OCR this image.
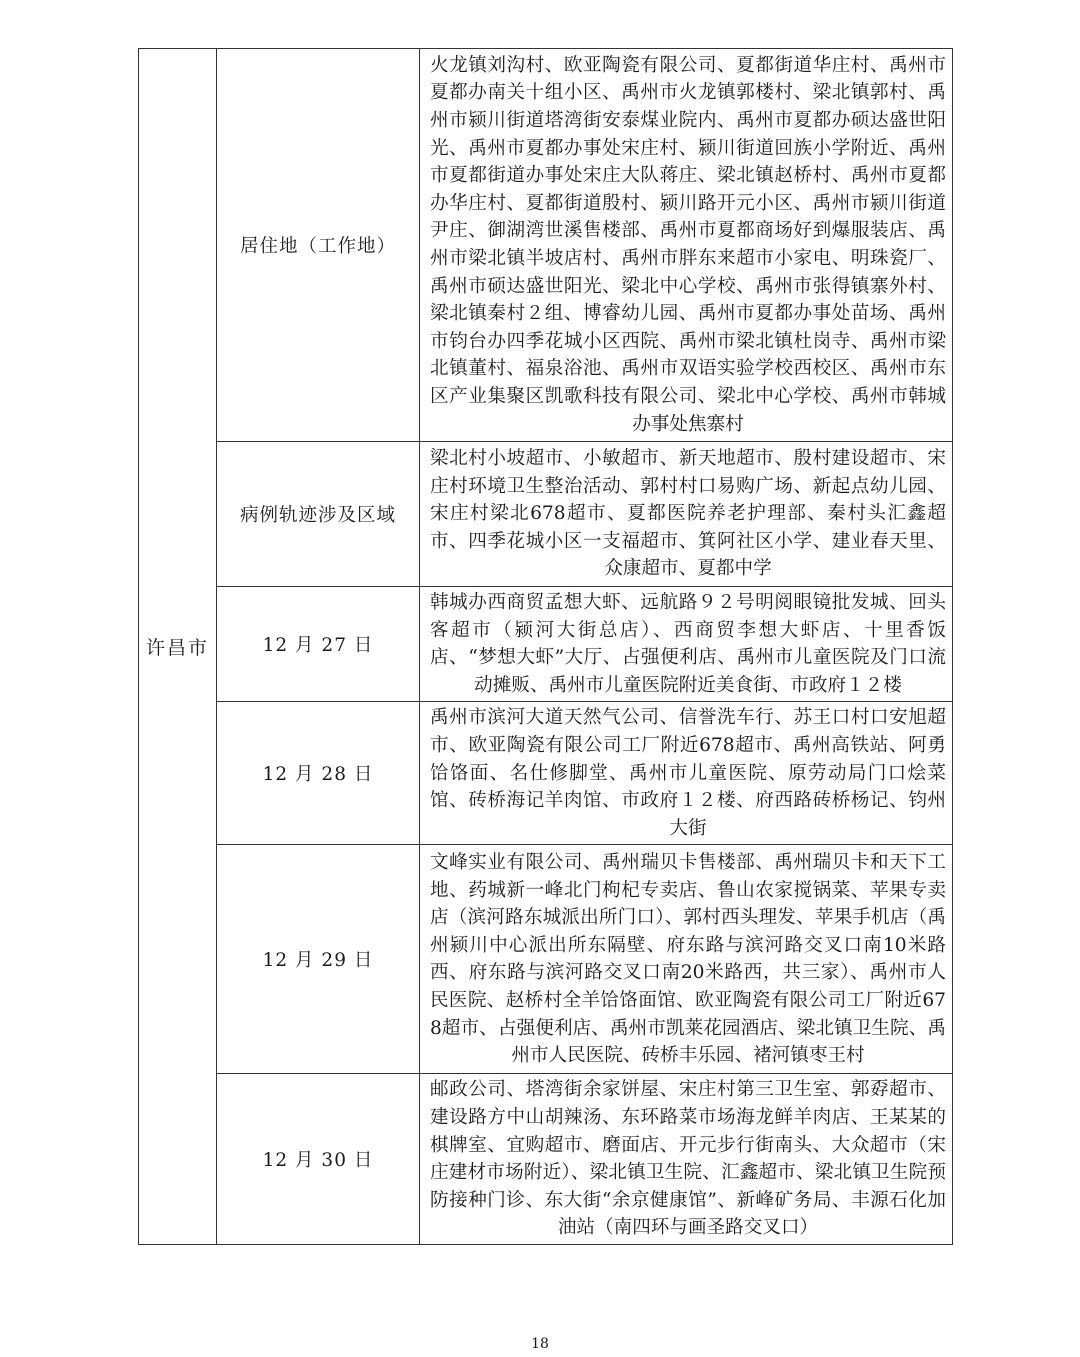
许昌市	居住地（工作地）	火龙镇刘沟村、欧亚陶瓷有限公司、夏都街道华庄村、禹州市夏都办南关十组小区、禹州市火龙镇郭楼村、梁北镇郭村、禹州市颍川街道塔湾街安泰煤业院内、禹州市夏都办硕达盛世阳光、禹州市夏都办事处宋庄村、颍川街道回族小学附近、禹州市夏都街道办事处宋庄大队蒋庄、梁北镇赵桥村、禹州市夏都办华庄村、夏都街道殷村、颍川路开元小区、禹州市颍川街道尹庄、御湖湾世溪售楼部、禹州市夏都商场好到爆服装店、禹州市梁北镇半坡店村、禹州市胖东来超市小家电、明珠瓷厂、禹州市硕达盛世阳光、梁北中心学校、禹州市张得镇寨外村、梁北镇秦村２组、博睿幼儿园、禹州市夏都办事处苗场、禹州市钧台办四季花城小区西院、禹州市梁北镇杜岗寺、禹州市梁北镇董村、福泉浴池、禹州市双语实验学校西校区、禹州市东区产业集聚区凯歌科技有限公司、梁北中心学校、禹州市韩城办事处焦寨村
	病例轨迹涉及区域	梁北村小坡超市、小敏超市、新天地超市、殷村建设超市、宋庄村环境卫生整治活动、郭村村口易购广场、新起点幼儿园、宋庄村梁北678超市、夏都医院养老护理部、秦村头汇鑫超市、四季花城小区一支福超市、箕阿社区小学、建业春天里、众康超市、夏都中学
	12 月 27 日	韩城办西商贸孟想大虾、远航路９２号明阅眼镜批发城、回头客超市（颍河大街总店）、西商贸李想大虾店、十里香饭店、“梦想大虾”大厅、占强便利店、禹州市儿童医院及门口流动摊贩、禹州市儿童医院附近美食街、市政府１２楼
	12 月 28 日	禹州市滨河大道天然气公司、信誉洗车行、苏王口村口安旭超市、欧亚陶瓷有限公司工厂附近678超市、禹州高铁站、阿勇饸饹面、名仕修脚堂、禹州市儿童医院、原劳动局门口烩菜馆、砖桥海记羊肉馆、市政府１２楼、府西路砖桥杨记、钧州大街
	12 月 29 日	文峰实业有限公司、禹州瑞贝卡售楼部、禹州瑞贝卡和天下工地、药城新一峰北门枸杞专卖店、鲁山农家搅锅菜、苹果专卖店（滨河路东城派出所门口）、郭村西头理发、苹果手机店（禹州颍川中心派出所东隔壁、府东路与滨河路交叉口南10米路西、府东路与滨河路交叉口南20米路西，共三家）、禹州市人民医院、赵桥村全羊饸饹面馆、欧亚陶瓷有限公司工厂附近678超市、占强便利店、禹州市凯莱花园酒店、梁北镇卫生院、禹州市人民医院、砖桥丰乐园、褚河镇枣王村
	12 月 30 日	邮政公司、塔湾街余家饼屋、宋庄村第三卫生室、郭孬超市、建设路方中山胡辣汤、东环路菜市场海龙鲜羊肉店、王某某的棋牌室、宜购超市、磨面店、开元步行街南头、大众超市（宋庄建材市场附近）、梁北镇卫生院、汇鑫超市、梁北镇卫生院预防接种门诊、东大街“余京健康馆”、新峰矿务局、丰源石化加油站（南四环与画圣路交叉口）
18
